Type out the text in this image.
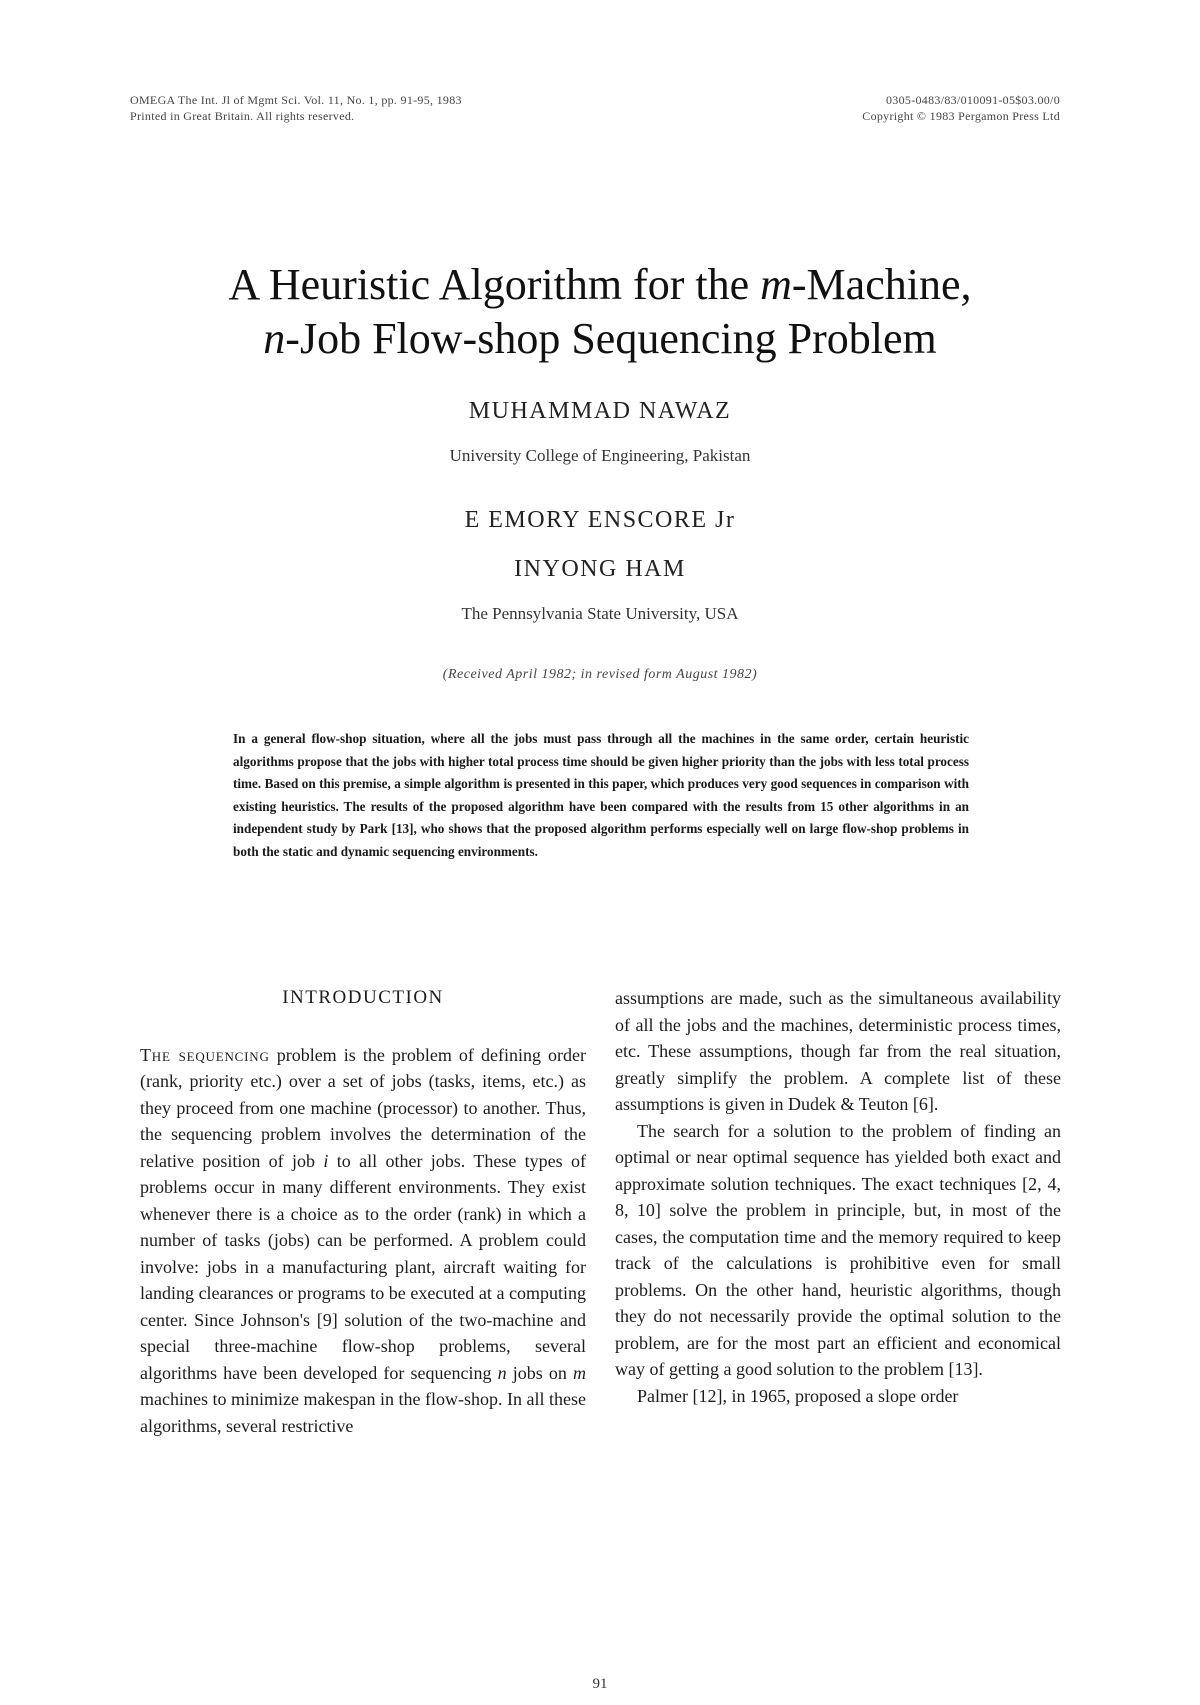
OMEGA The Int. Jl of Mgmt Sci. Vol. 11, No. 1, pp. 91-95, 1983
Printed in Great Britain. All rights reserved.
0305-0483/83/010091-05$03.00/0
Copyright © 1983 Pergamon Press Ltd
A Heuristic Algorithm for the m-Machine,
n-Job Flow-shop Sequencing Problem
MUHAMMAD NAWAZ
University College of Engineering, Pakistan
E EMORY ENSCORE Jr
INYONG HAM
The Pennsylvania State University, USA
(Received April 1982; in revised form August 1982)
In a general flow-shop situation, where all the jobs must pass through all the machines in the same order, certain heuristic algorithms propose that the jobs with higher total process time should be given higher priority than the jobs with less total process time. Based on this premise, a simple algorithm is presented in this paper, which produces very good sequences in comparison with existing heuristics. The results of the proposed algorithm have been compared with the results from 15 other algorithms in an independent study by Park [13], who shows that the proposed algorithm performs especially well on large flow-shop problems in both the static and dynamic sequencing environments.
INTRODUCTION

The sequencing problem is the problem of defining order (rank, priority etc.) over a set of jobs (tasks, items, etc.) as they proceed from one machine (processor) to another. Thus, the sequencing problem involves the determination of the relative position of job i to all other jobs. These types of problems occur in many different environments. They exist whenever there is a choice as to the order (rank) in which a number of tasks (jobs) can be performed. A problem could involve: jobs in a manufacturing plant, aircraft waiting for landing clearances or programs to be executed at a computing center. Since Johnson's [9] solution of the two-machine and special three-machine flow-shop problems, several algorithms have been developed for sequencing n jobs on m machines to minimize makespan in the flow-shop. In all these algorithms, several restrictive

assumptions are made, such as the simultaneous availability of all the jobs and the machines, deterministic process times, etc. These assumptions, though far from the real situation, greatly simplify the problem. A complete list of these assumptions is given in Dudek & Teuton [6].

The search for a solution to the problem of finding an optimal or near optimal sequence has yielded both exact and approximate solution techniques. The exact techniques [2, 4, 8, 10] solve the problem in principle, but, in most of the cases, the computation time and the memory required to keep track of the calculations is prohibitive even for small problems. On the other hand, heuristic algorithms, though they do not necessarily provide the optimal solution to the problem, are for the most part an efficient and economical way of getting a good solution to the problem [13].

Palmer [12], in 1965, proposed a slope order

91
